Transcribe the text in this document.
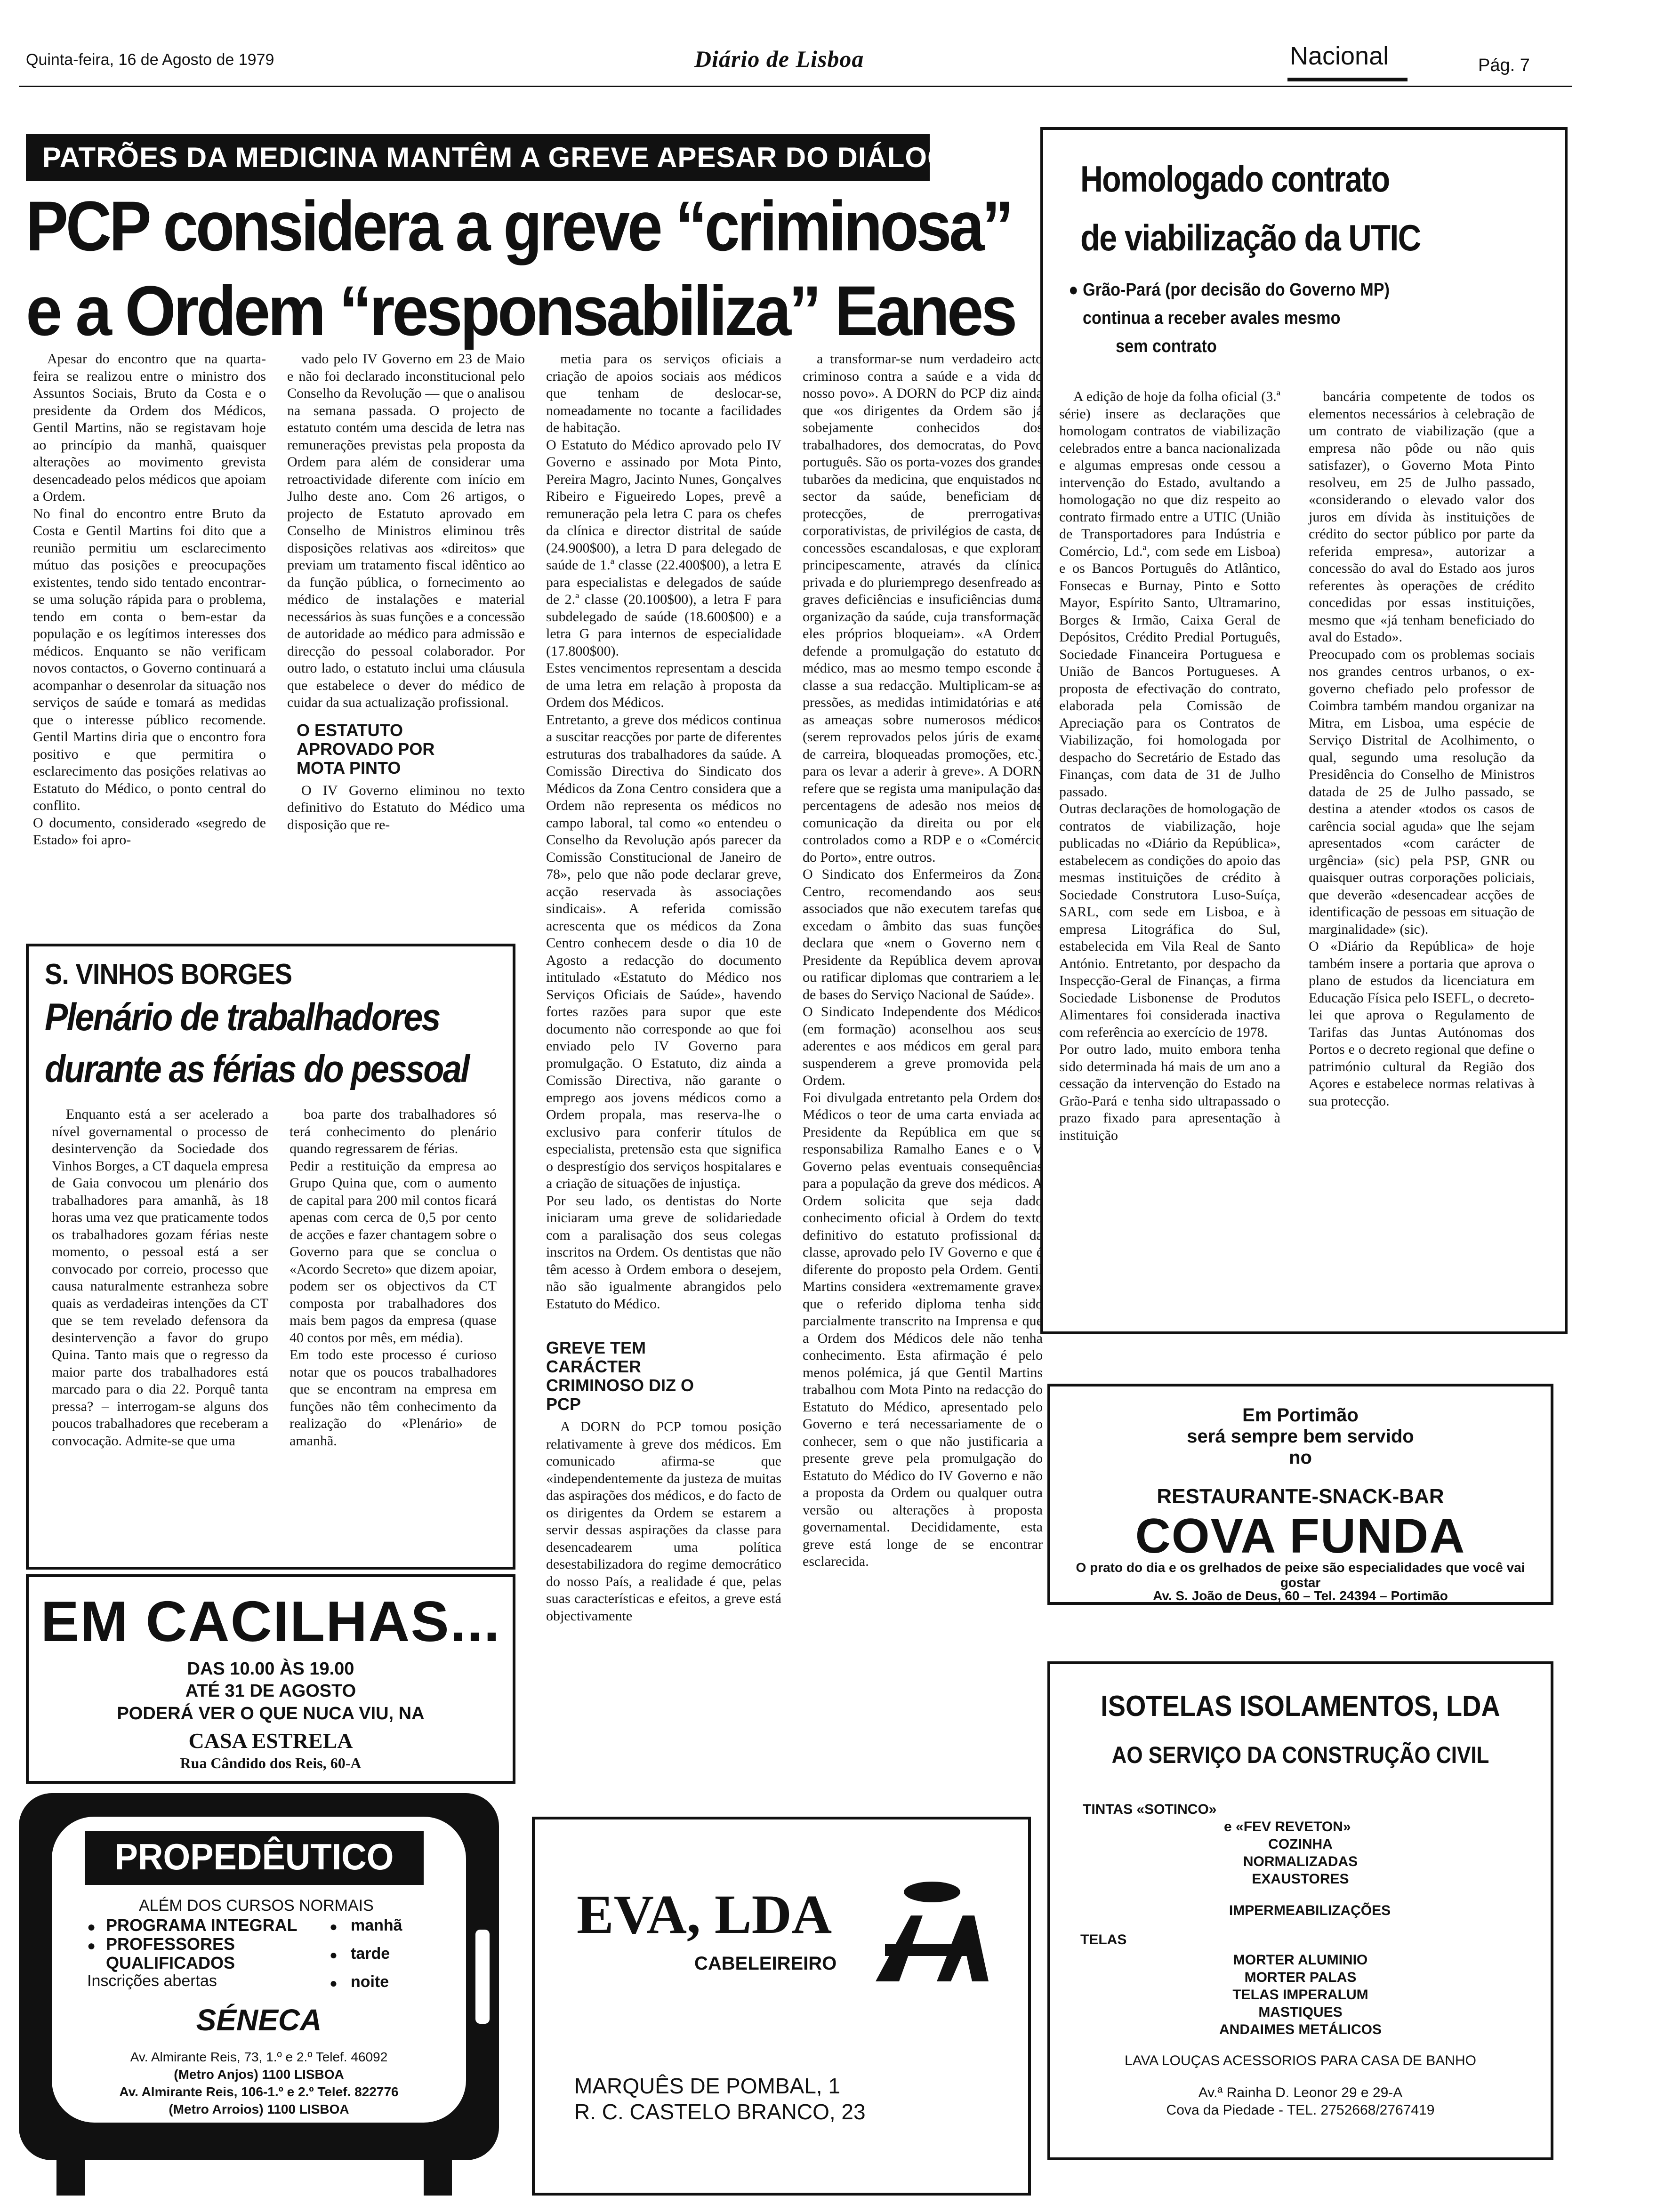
Quinta-feira, 16 de Agosto de 1979	Diário de Lisboa	Nacional	Pág. 7
PATRÕES DA MEDICINA MANTÊM A GREVE APESAR DO DIÁLOGO
PCP considera a greve “criminosa”
e a Ordem “responsabiliza” Eanes

Apesar do encontro que na quarta-feira se realizou entre o ministro dos Assuntos Sociais, Bruto da Costa e o presidente da Ordem dos Médicos, Gentil Martins, não se registavam hoje ao princípio da manhã, quaisquer alterações ao movimento grevista desencadeado pelos médicos que apoiam a Ordem.
No final do encontro entre Bruto da Costa e Gentil Martins foi dito que a reunião permitiu um esclarecimento mútuo das posições e preocupações existentes, tendo sido tentado encontrar-se uma solução rápida para o problema, tendo em conta o bem-estar da população e os legítimos interesses dos médicos. Enquanto se não verificam novos contactos, o Governo continuará a acompanhar o desenrolar da situação nos serviços de saúde e tomará as medidas que o interesse público recomende. Gentil Martins diria que o encontro fora positivo e que permitira o esclarecimento das posições relativas ao Estatuto do Médico, o ponto central do conflito.
O documento, considerado «segredo de Estado» foi apro-

vado pelo IV Governo em 23 de Maio e não foi declarado inconstitucional pelo Conselho da Revolução — que o analisou na semana passada. O projecto de estatuto contém uma descida de letra nas remunerações previstas pela proposta da Ordem para além de considerar uma retroactividade diferente com início em Julho deste ano. Com 26 artigos, o projecto de Estatuto aprovado em Conselho de Ministros eliminou três disposições relativas aos «direitos» que previam um tratamento fiscal idêntico ao da função pública, o fornecimento ao médico de instalações e material necessários às suas funções e a concessão de autoridade ao médico para admissão e direcção do pessoal colaborador. Por outro lado, o estatuto inclui uma cláusula que estabelece o dever do médico de cuidar da sua actualização profissional.

O ESTATUTO APROVADO POR MOTA PINTO

O IV Governo eliminou no texto definitivo do Estatuto do Médico uma disposição que re-

metia para os serviços oficiais a criação de apoios sociais aos médicos que tenham de deslocar-se, nomeadamente no tocante a facilidades de habitação.
O Estatuto do Médico aprovado pelo IV Governo e assinado por Mota Pinto, Pereira Magro, Jacinto Nunes, Gonçalves Ribeiro e Figueiredo Lopes, prevê a remuneração pela letra C para os chefes da clínica e director distrital de saúde (24.900$00), a letra D para delegado de saúde de 1.ª classe (22.400$00), a letra E para especialistas e delegados de saúde de 2.ª classe (20.100$00), a letra F para subdelegado de saúde (18.600$00) e a letra G para internos de especialidade (17.800$00).
Estes vencimentos representam a descida de uma letra em relação à proposta da Ordem dos Médicos.
Entretanto, a greve dos médicos continua a suscitar reacções por parte de diferentes estruturas dos trabalhadores da saúde. A Comissão Directiva do Sindicato dos Médicos da Zona Centro considera que a Ordem não representa os médicos no campo laboral, tal como «o entendeu o Conselho da Revolução após parecer da Comissão Constitucional de Janeiro de 78», pelo que não pode declarar greve, acção reservada às associações sindicais». A referida comissão acrescenta que os médicos da Zona Centro conhecem desde o dia 10 de Agosto a redacção do documento intitulado «Estatuto do Médico nos Serviços Oficiais de Saúde», havendo fortes razões para supor que este documento não corresponde ao que foi enviado pelo IV Governo para promulgação. O Estatuto, diz ainda a Comissão Directiva, não garante o emprego aos jovens médicos como a Ordem propala, mas reserva-lhe o exclusivo para conferir títulos de especialista, pretensão esta que significa o desprestígio dos serviços hospitalares e a criação de situações de injustiça.
Por seu lado, os dentistas do Norte iniciaram uma greve de solidariedade com a paralisação dos seus colegas inscritos na Ordem. Os dentistas que não têm acesso à Ordem embora o desejem, não são igualmente abrangidos pelo Estatuto do Médico.

GREVE TEM CARÁCTER CRIMINOSO DIZ O PCP

A DORN do PCP tomou posição relativamente à greve dos médicos. Em comunicado afirma-se que «independentemente da justeza de muitas das aspirações dos médicos, e do facto de os dirigentes da Ordem se estarem a servir dessas aspirações da classe para desencadearem uma política desestabilizadora do regime democrático do nosso País, a realidade é que, pelas suas características e efeitos, a greve está objectivamente

a transformar-se num verdadeiro acto criminoso contra a saúde e a vida do nosso povo». A DORN do PCP diz ainda que «os dirigentes da Ordem são já sobejamente conhecidos dos trabalhadores, dos democratas, do Povo português. São os porta-vozes dos grandes tubarões da medicina, que enquistados no sector da saúde, beneficiam de protecções, de prerrogativas corporativistas, de privilégios de casta, de concessões escandalosas, e que exploram principescamente, através da clínica privada e do pluriemprego desenfreado as graves deficiências e insuficiências duma organização da saúde, cuja transformação eles próprios bloqueiam». «A Ordem defende a promulgação do estatuto do médico, mas ao mesmo tempo esconde à classe a sua redacção. Multiplicam-se as pressões, as medidas intimidatórias e até as ameaças sobre numerosos médicos (serem reprovados pelos júris de exame de carreira, bloqueadas promoções, etc.) para os levar a aderir à greve». A DORN refere que se regista uma manipulação das percentagens de adesão nos meios de comunicação da direita ou por ele controlados como a RDP e o «Comércio do Porto», entre outros.
O Sindicato dos Enfermeiros da Zona Centro, recomendando aos seus associados que não executem tarefas que excedam o âmbito das suas funções declara que «nem o Governo nem o Presidente da República devem aprovar ou ratificar diplomas que contrariem a lei de bases do Serviço Nacional de Saúde».
O Sindicato Independente dos Médicos (em formação) aconselhou aos seus aderentes e aos médicos em geral para suspenderem a greve promovida pela Ordem.
Foi divulgada entretanto pela Ordem dos Médicos o teor de uma carta enviada ao Presidente da República em que se responsabiliza Ramalho Eanes e o V Governo pelas eventuais consequências para a população da greve dos médicos. A Ordem solicita que seja dado conhecimento oficial à Ordem do texto definitivo do estatuto profissional da classe, aprovado pelo IV Governo e que é diferente do proposto pela Ordem. Gentil Martins considera «extremamente grave» que o referido diploma tenha sido parcialmente transcrito na Imprensa e que a Ordem dos Médicos dele não tenha conhecimento. Esta afirmação é pelo menos polémica, já que Gentil Martins trabalhou com Mota Pinto na redacção do Estatuto do Médico, apresentado pelo Governo e terá necessariamente de o conhecer, sem o que não justificaria a presente greve pela promulgação do Estatuto do Médico do IV Governo e não a proposta da Ordem ou qualquer outra versão ou alterações à proposta governamental. Decididamente, esta greve está longe de se encontrar esclarecida.

Homologado contrato
de viabilização da UTIC
● Grão-Pará (por decisão do Governo MP)
continua a receber avales mesmo
sem contrato

A edição de hoje da folha oficial (3.ª série) insere as declarações que homologam contratos de viabilização celebrados entre a banca nacionalizada e algumas empresas onde cessou a intervenção do Estado, avultando a homologação no que diz respeito ao contrato firmado entre a UTIC (União de Transportadores para Indústria e Comércio, Ld.ª, com sede em Lisboa) e os Bancos Português do Atlântico, Fonsecas e Burnay, Pinto e Sotto Mayor, Espírito Santo, Ultramarino, Borges & Irmão, Caixa Geral de Depósitos, Crédito Predial Português, Sociedade Financeira Portuguesa e União de Bancos Portugueses. A proposta de efectivação do contrato, elaborada pela Comissão de Apreciação para os Contratos de Viabilização, foi homologada por despacho do Secretário de Estado das Finanças, com data de 31 de Julho passado.
Outras declarações de homologação de contratos de viabilização, hoje publicadas no «Diário da República», estabelecem as condições do apoio das mesmas instituições de crédito à Sociedade Construtora Luso-Suíça, SARL, com sede em Lisboa, e à empresa Litográfica do Sul, estabelecida em Vila Real de Santo António. Entretanto, por despacho da Inspecção-Geral de Finanças, a firma Sociedade Lisbonense de Produtos Alimentares foi considerada inactiva com referência ao exercício de 1978.
Por outro lado, muito embora tenha sido determinada há mais de um ano a cessação da intervenção do Estado na Grão-Pará e tenha sido ultrapassado o prazo fixado para apresentação à instituição

bancária competente de todos os elementos necessários à celebração de um contrato de viabilização (que a empresa não pôde ou não quis satisfazer), o Governo Mota Pinto resolveu, em 25 de Julho passado, «considerando o elevado valor dos juros em dívida às instituições de crédito do sector público por parte da referida empresa», autorizar a concessão do aval do Estado aos juros referentes às operações de crédito concedidas por essas instituições, mesmo que «já tenham beneficiado do aval do Estado».
Preocupado com os problemas sociais nos grandes centros urbanos, o ex-governo chefiado pelo professor de Coimbra também mandou organizar na Mitra, em Lisboa, uma espécie de Serviço Distrital de Acolhimento, o qual, segundo uma resolução da Presidência do Conselho de Ministros datada de 25 de Julho passado, se destina a atender «todos os casos de carência social aguda» que lhe sejam apresentados «com carácter de urgência» (sic) pela PSP, GNR ou quaisquer outras corporações policiais, que deverão «desencadear acções de identificação de pessoas em situação de marginalidade» (sic).
O «Diário da República» de hoje também insere a portaria que aprova o plano de estudos da licenciatura em Educação Física pelo ISEFL, o decreto-lei que aprova o Regulamento de Tarifas das Juntas Autónomas dos Portos e o decreto regional que define o património cultural da Região dos Açores e estabelece normas relativas à sua protecção.

S. VINHOS BORGES
Plenário de trabalhadores
durante as férias do pessoal

Enquanto está a ser acelerado a nível governamental o processo de desintervenção da Sociedade dos Vinhos Borges, a CT daquela empresa de Gaia convocou um plenário dos trabalhadores para amanhã, às 18 horas uma vez que praticamente todos os trabalhadores gozam férias neste momento, o pessoal está a ser convocado por correio, processo que causa naturalmente estranheza sobre quais as verdadeiras intenções da CT que se tem revelado defensora da desintervenção a favor do grupo Quina. Tanto mais que o regresso da maior parte dos trabalhadores está marcado para o dia 22. Porquê tanta pressa? – interrogam-se alguns dos poucos trabalhadores que receberam a convocação. Admite-se que uma

boa parte dos trabalhadores só terá conhecimento do plenário quando regressarem de férias.
Pedir a restituição da empresa ao Grupo Quina que, com o aumento de capital para 200 mil contos ficará apenas com cerca de 0,5 por cento de acções e fazer chantagem sobre o Governo para que se conclua o «Acordo Secreto» que dizem apoiar, podem ser os objectivos da CT composta por trabalhadores dos mais bem pagos da empresa (quase 40 contos por mês, em média).
Em todo este processo é curioso notar que os poucos trabalhadores que se encontram na empresa em funções não têm conhecimento da realização do «Plenário» de amanhã.

EM CACILHAS...
DAS 10.00 ÀS 19.00
ATÉ 31 DE AGOSTO
PODERÁ VER O QUE NUCA VIU, NA
CASA ESTRELA
Rua Cândido dos Reis, 60-A
PROPEDÊUTICO
ALÉM DOS CURSOS NORMAIS
● PROGRAMA INTEGRAL
● PROFESSORES
QUALIFICADOS
Inscrições abertas
● manhã
● tarde
● noite
SÉNECA
Av. Almirante Reis, 73, 1.º e 2.º Telef. 46092
(Metro Anjos) 1100 LISBOA
Av. Almirante Reis, 106-1.º e 2.º Telef. 822776
(Metro Arroios) 1100 LISBOA
EVA, LDA
CABELEIREIRO
MARQUÊS DE POMBAL, 1
R. C. CASTELO BRANCO, 23
Em Portimão
será sempre bem servido
no
RESTAURANTE-SNACK-BAR
COVA FUNDA
O prato do dia e os grelhados de peixe são especialidades que você vai gostar
Av. S. João de Deus, 60 – Tel. 24394 – Portimão
ISOTELAS ISOLAMENTOS, LDA
AO SERVIÇO DA CONSTRUÇÃO CIVIL
TINTAS «SOTINCO»
e «FEV REVETON»
COZINHA
NORMALIZADAS
EXAUSTORES
IMPERMEABILIZAÇÕES
TELAS
MORTER ALUMINIO
MORTER PALAS
TELAS IMPERALUM
MASTIQUES
ANDAIMES METÁLICOS
LAVA LOUÇAS ACESSORIOS PARA CASA DE BANHO
Av.ª Rainha D. Leonor 29 e 29-A
Cova da Piedade - TEL. 2752668/2767419
